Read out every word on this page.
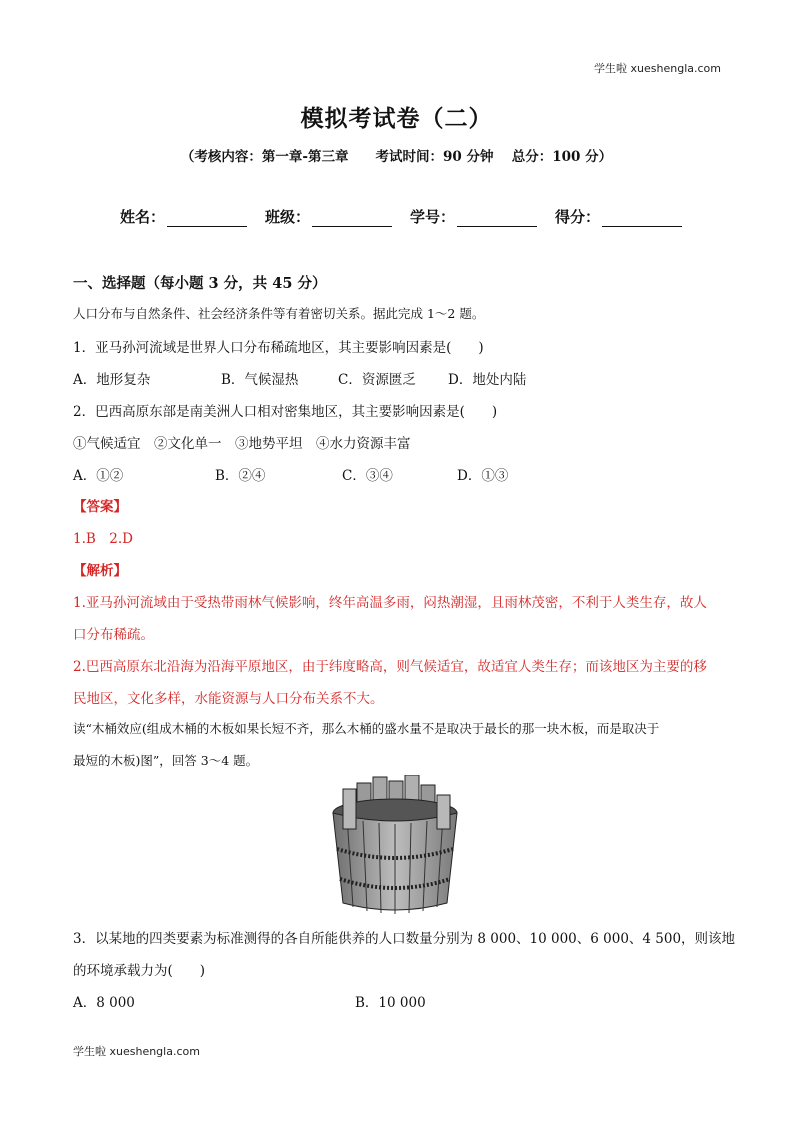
学生啦 xueshengla.com
模拟考试卷（二）
（考核内容：第一章-第三章　　考试时间：90 分钟　 总分：100 分）
姓名：	班级：	学号：	得分：
一、选择题（每小题 3 分，共 45 分）
人口分布与自然条件、社会经济条件等有着密切关系。据此完成 1～2 题。
1．亚马孙河流域是世界人口分布稀疏地区，其主要影响因素是(　　)
A．地形复杂	B．气候湿热	C．资源匮乏 D．地处内陆
2．巴西高原东部是南美洲人口相对密集地区，其主要影响因素是(　　)
①气候适宜　②文化单一　③地势平坦　④水力资源丰富
A．①②	B．②④	C．③④	D．①③
【答案】
1.B　2.D
【解析】
1.亚马孙河流域由于受热带雨林气候影响，终年高温多雨，闷热潮湿，且雨林茂密，不利于人类生存，故人
口分布稀疏。
2.巴西高原东北沿海为沿海平原地区，由于纬度略高，则气候适宜，故适宜人类生存；而该地区为主要的移
民地区，文化多样，水能资源与人口分布关系不大。
读“木桶效应(组成木桶的木板如果长短不齐，那么木桶的盛水量不是取决于最长的那一块木板，而是取决于
最短的木板)图”，回答 3～4 题。
3．以某地的四类要素为标准测得的各自所能供养的人口数量分别为 8 000、10 000、6 000、4 500，则该地
的环境承载力为(　　)
A．8 000	B．10 000
学生啦 xueshengla.com
